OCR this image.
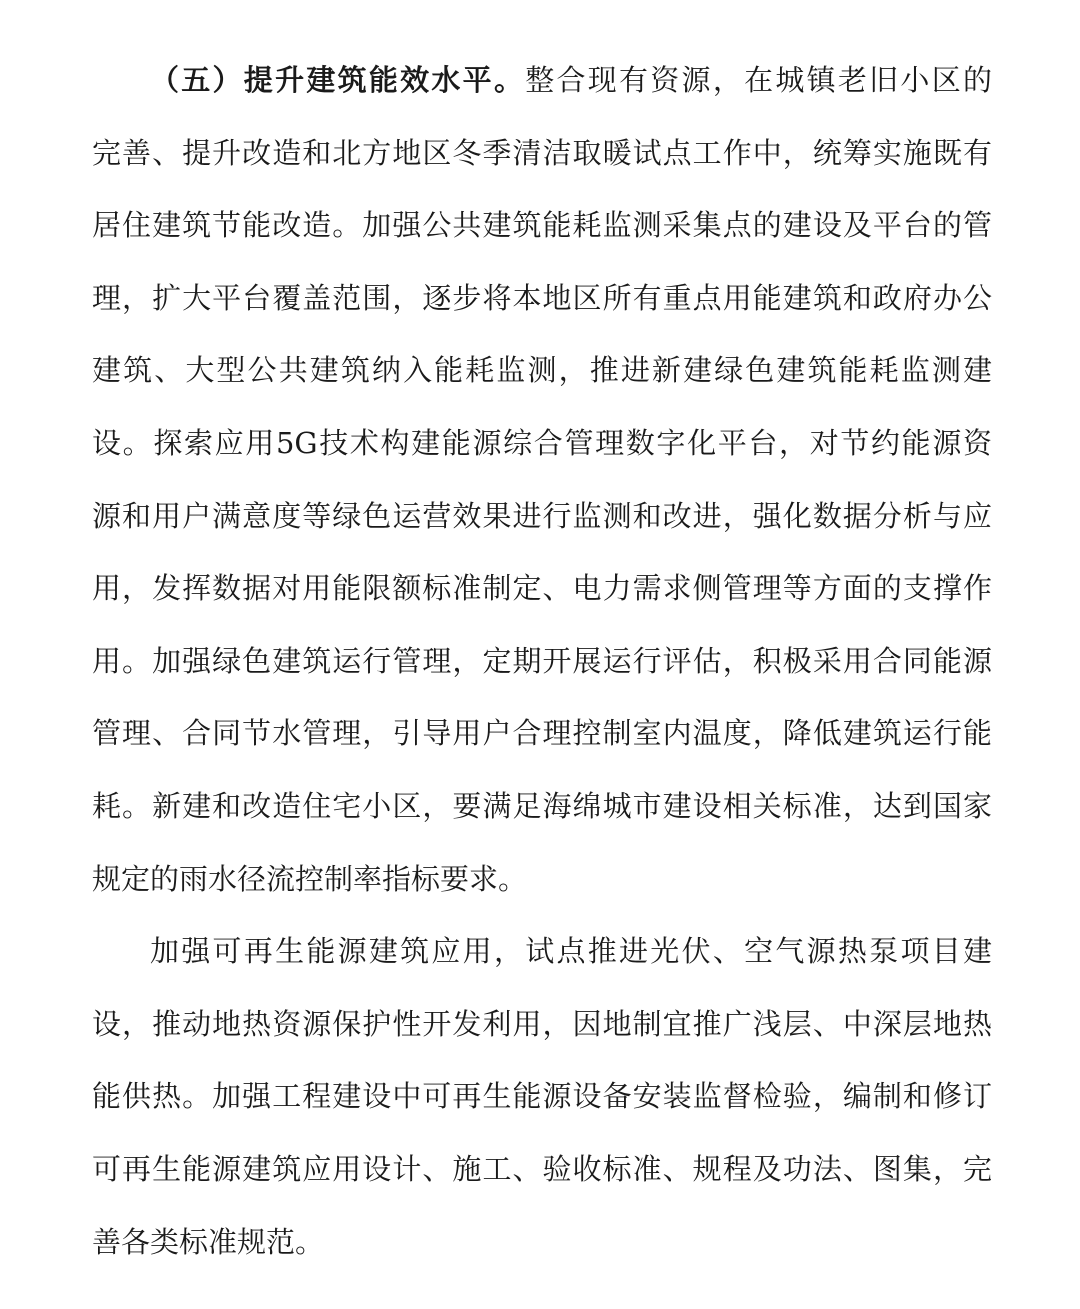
（五）提升建筑能效水平。整合现有资源，在城镇老旧小区的
完善、提升改造和北方地区冬季清洁取暖试点工作中，统筹实施既有
居住建筑节能改造。加强公共建筑能耗监测采集点的建设及平台的管
理，扩大平台覆盖范围，逐步将本地区所有重点用能建筑和政府办公
建筑、大型公共建筑纳入能耗监测，推进新建绿色建筑能耗监测建
设。探索应用5G技术构建能源综合管理数字化平台，对节约能源资
源和用户满意度等绿色运营效果进行监测和改进，强化数据分析与应
用，发挥数据对用能限额标准制定、电力需求侧管理等方面的支撑作
用。加强绿色建筑运行管理，定期开展运行评估，积极采用合同能源
管理、合同节水管理，引导用户合理控制室内温度，降低建筑运行能
耗。新建和改造住宅小区，要满足海绵城市建设相关标准，达到国家
规定的雨水径流控制率指标要求。
加强可再生能源建筑应用，试点推进光伏、空气源热泵项目建
设，推动地热资源保护性开发利用，因地制宜推广浅层、中深层地热
能供热。加强工程建设中可再生能源设备安装监督检验，编制和修订
可再生能源建筑应用设计、施工、验收标准、规程及功法、图集，完
善各类标准规范。
